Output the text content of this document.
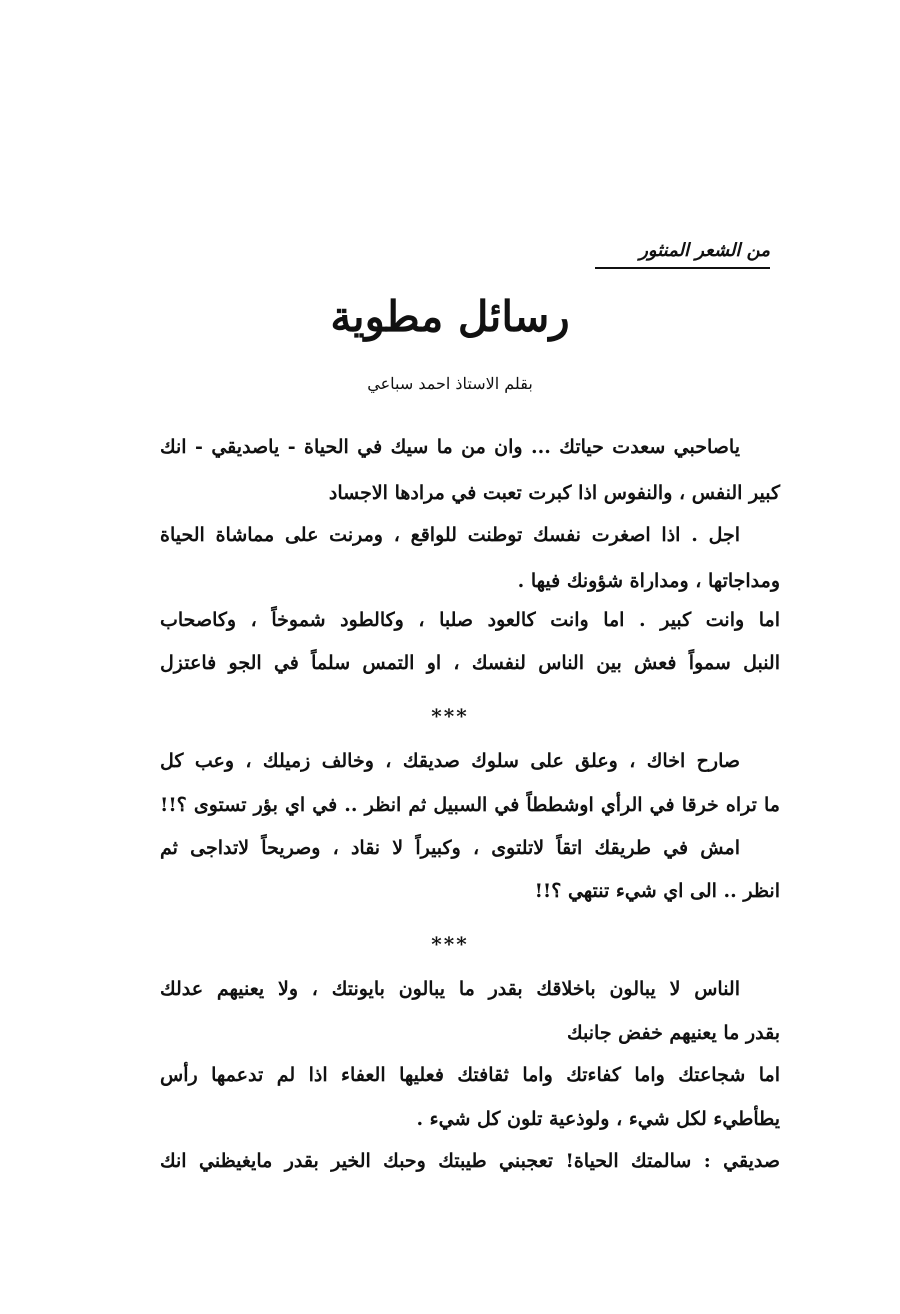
من الشعر المنثور
رسائل مطوية
بقلم الاستاذ احمد سباعي
ياصاحبي سعدت حياتك ... وان من ما سيك في الحياة - ياصديقي - انك
كبير النفس ، والنفوس اذا كبرت تعبت في مرادها الاجساد
اجل . اذا اصغرت نفسك توطنت للواقع ، ومرنت على مماشاة الحياة
ومداجاتها ، ومداراة شؤونك فيها .
اما وانت كبير . اما وانت كالعود صلبا ، وكالطود شموخاً ، وكاصحاب
النبل سمواً فعش بين الناس لنفسك ، او التمس سلماً في الجو فاعتزل
***
صارح اخاك ، وعلق على سلوك صديقك ، وخالف زميلك ، وعب كل
ما تراه خرقا في الرأي اوشططاً في السبيل ثم انظر .. في اي بؤر تستوى ؟!!
امش في طريقك اتقاً لاتلتوى ، وكبيراً لا نقاد ، وصريحاً لاتداجى ثم
انظر .. الى اي شيء تنتهي ؟!!
***
الناس لا يبالون باخلاقك بقدر ما يبالون بايونتك ، ولا يعنيهم عدلك
بقدر ما يعنيهم خفض جانبك
اما شجاعتك واما كفاءتك واما ثقافتك فعليها العفاء اذا لم تدعمها رأس
يطأطيء لكل شيء ، ولوذعية تلون كل شيء .
صديقي : سالمتك الحياة! تعجبني طيبتك وحبك الخير بقدر مايغيظني انك
